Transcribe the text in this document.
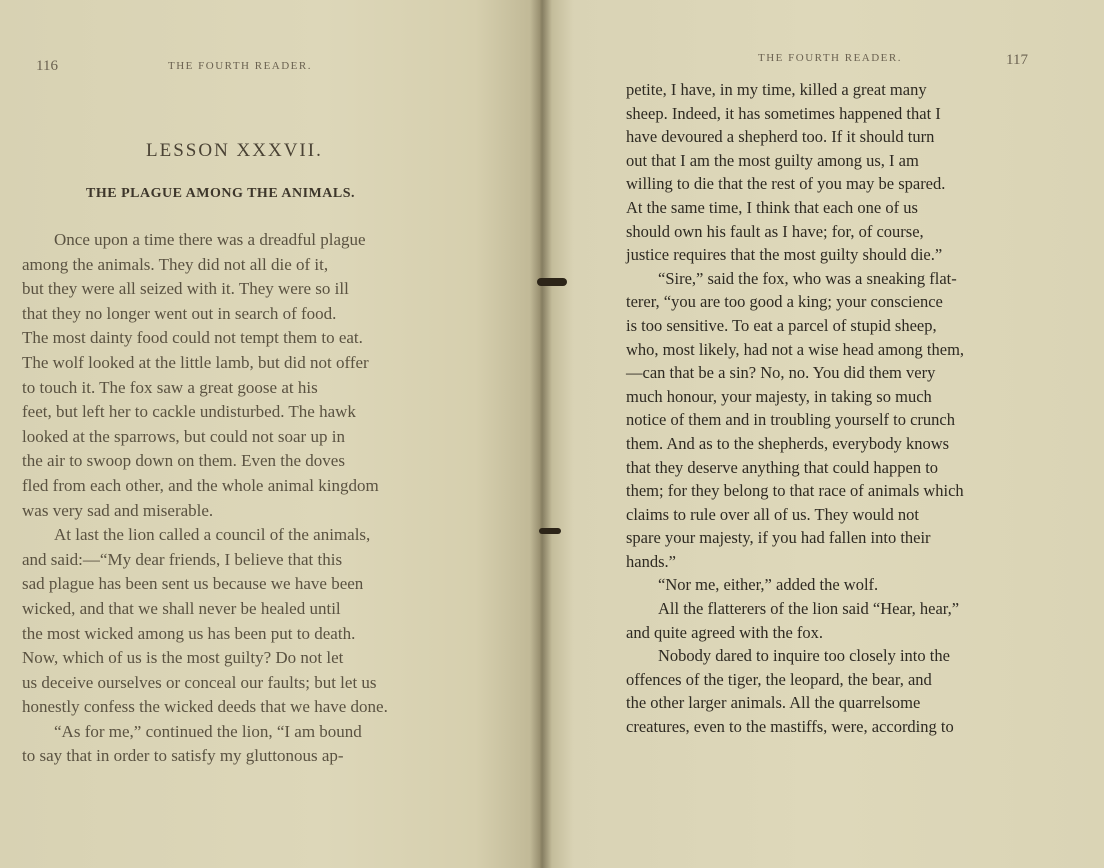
116	THE FOURTH READER.
LESSON XXXVII.
THE PLAGUE AMONG THE ANIMALS.
THE FOURTH READER.	117
Once upon a time there was a dreadful plague
among the animals. They did not all die of it,
but they were all seized with it. They were so ill
that they no longer went out in search of food.
The most dainty food could not tempt them to eat.
The wolf looked at the little lamb, but did not offer
to touch it. The fox saw a great goose at his
feet, but left her to cackle undisturbed. The hawk
looked at the sparrows, but could not soar up in
the air to swoop down on them. Even the doves
fled from each other, and the whole animal kingdom
was very sad and miserable.
At last the lion called a council of the animals,
and said:—“My dear friends, I believe that this
sad plague has been sent us because we have been
wicked, and that we shall never be healed until
the most wicked among us has been put to death.
Now, which of us is the most guilty? Do not let
us deceive ourselves or conceal our faults; but let us
honestly confess the wicked deeds that we have done.
“As for me,” continued the lion, “I am bound
to say that in order to satisfy my gluttonous ap-
petite, I have, in my time, killed a great many
sheep. Indeed, it has sometimes happened that I
have devoured a shepherd too. If it should turn
out that I am the most guilty among us, I am
willing to die that the rest of you may be spared.
At the same time, I think that each one of us
should own his fault as I have; for, of course,
justice requires that the most guilty should die.”
“Sire,” said the fox, who was a sneaking flat-
terer, “you are too good a king; your conscience
is too sensitive. To eat a parcel of stupid sheep,
who, most likely, had not a wise head among them,
—can that be a sin? No, no. You did them very
much honour, your majesty, in taking so much
notice of them and in troubling yourself to crunch
them. And as to the shepherds, everybody knows
that they deserve anything that could happen to
them; for they belong to that race of animals which
claims to rule over all of us. They would not
spare your majesty, if you had fallen into their
hands.”
“Nor me, either,” added the wolf.
All the flatterers of the lion said “Hear, hear,”
and quite agreed with the fox.
Nobody dared to inquire too closely into the
offences of the tiger, the leopard, the bear, and
the other larger animals. All the quarrelsome
creatures, even to the mastiffs, were, according to
